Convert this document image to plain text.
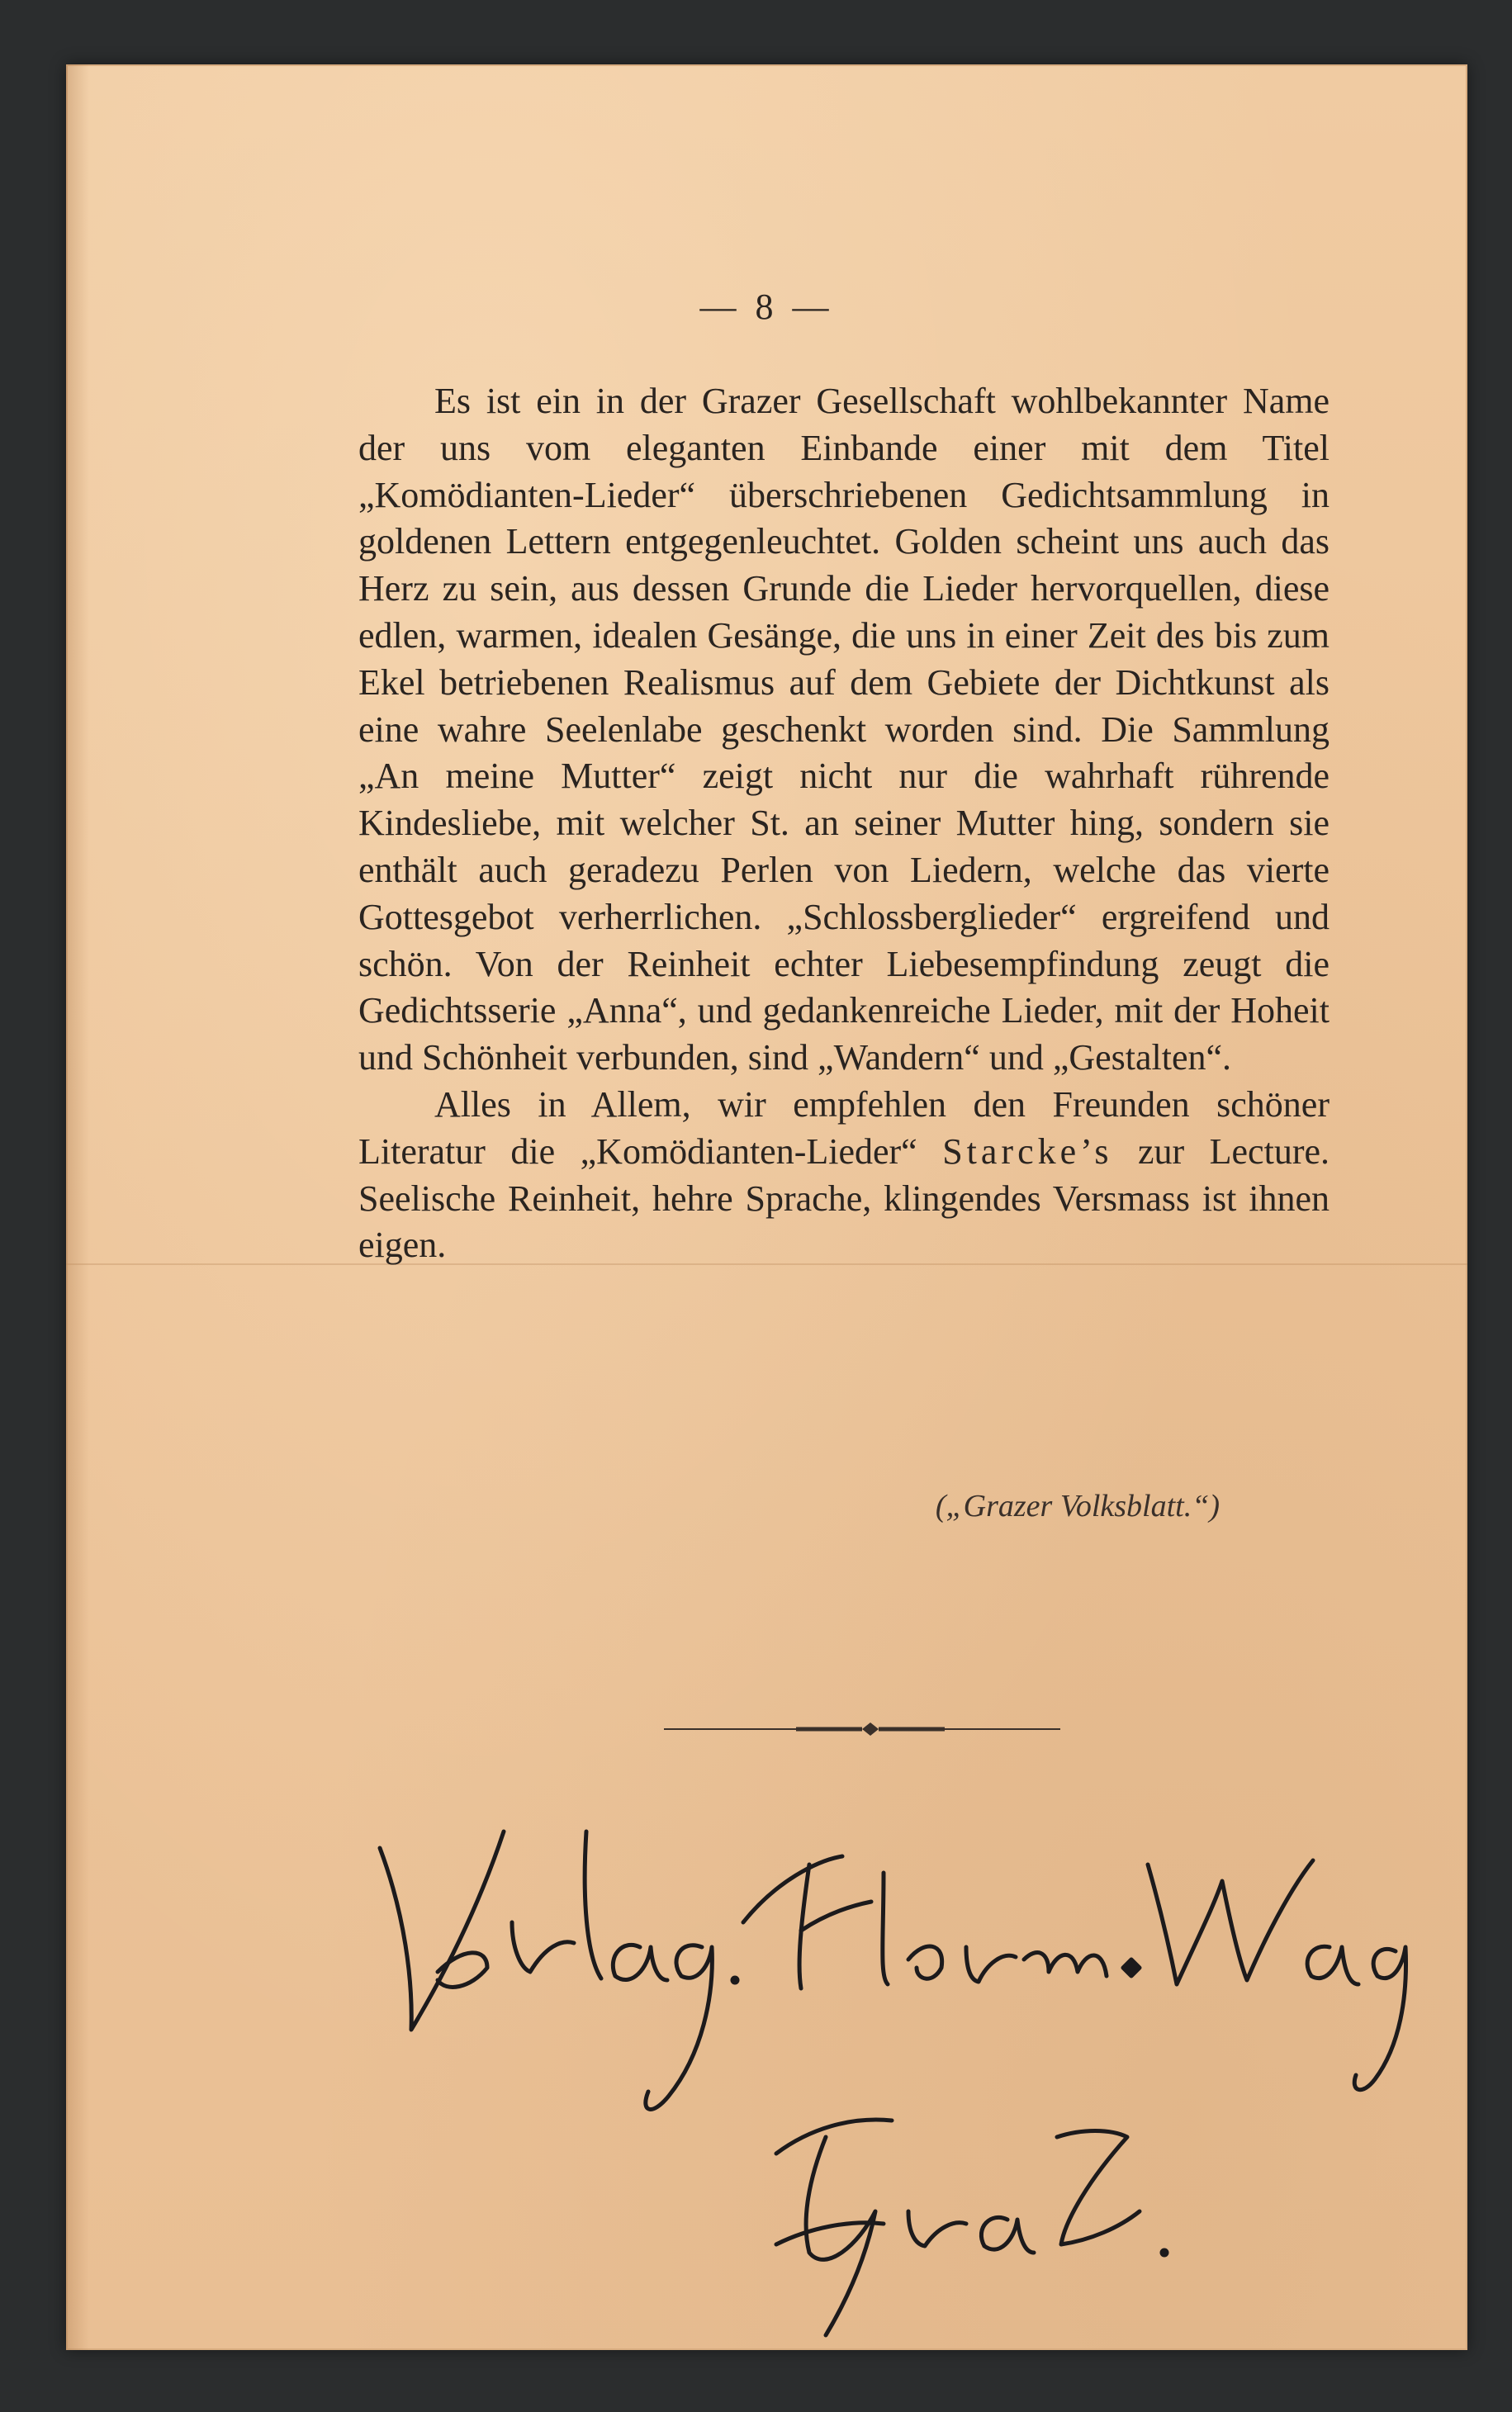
— 8 —

Es ist ein in der Grazer Gesellschaft wohlbekannter Name der uns vom eleganten Einbande einer mit dem Titel „Komödianten-Lieder“ überschriebenen Gedichtsammlung in goldenen Lettern entgegenleuchtet. Golden scheint uns auch das Herz zu sein, aus dessen Grunde die Lieder hervorquellen, diese edlen, warmen, idealen Gesänge, die uns in einer Zeit des bis zum Ekel betriebenen Realismus auf dem Gebiete der Dichtkunst als eine wahre Seelenlabe geschenkt worden sind. Die Sammlung „An meine Mutter“ zeigt nicht nur die wahrhaft rührende Kindesliebe, mit welcher St. an seiner Mutter hing, sondern sie enthält auch geradezu Perlen von Liedern, welche das vierte Gottesgebot verherrlichen. „Schlossberglieder“ ergreifend und schön. Von der Reinheit echter Liebesempfindung zeugt die Gedichtsserie „Anna“, und gedankenreiche Lieder, mit der Hoheit und Schönheit verbunden, sind „Wandern“ und „Gestalten“.

Alles in Allem, wir empfehlen den Freunden schöner Literatur die „Komödianten-Lieder“ Starcke’s zur Lecture. Seelische Reinheit, hehre Sprache, klingendes Versmass ist ihnen eigen.

(„Grazer Volksblatt.“)
